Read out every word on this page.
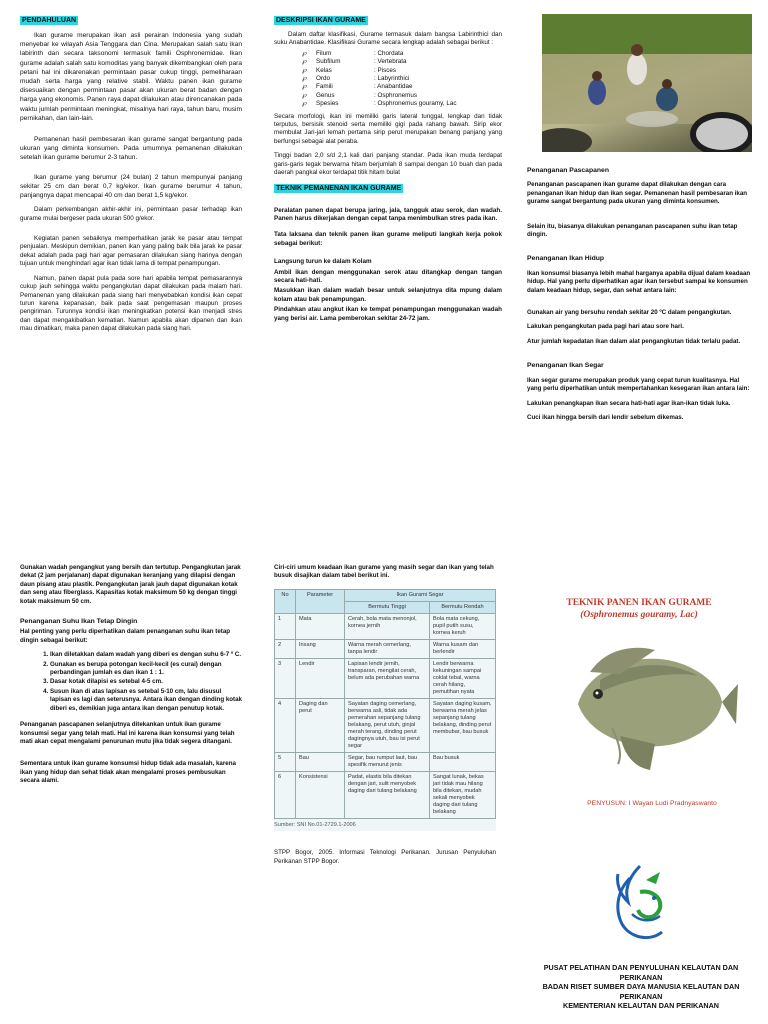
PENDAHULUAN

Ikan gurame merupakan ikan asli perairan Indonesia yang sudah menyebar ke wilayah Asia Tenggara dan Cina. Merupakan salah satu ikan labirinth dan secara taksonomi termasuk famili Osphronemidae. Ikan gurame adalah salah satu komoditas yang banyak dikembangkan oleh para petani hal ini dikarenakan permintaan pasar cukup tinggi, pemeliharaan mudah serta harga yang relative stabil. Waktu panen ikan gurame disesuaikan dengan permintaan pasar akan ukuran berat badan dengan harga yang ekonomis. Panen raya dapat dilakukan atau direncanakan pada waktu jumlah permintaan meningkat, misalnya hari raya, tahun baru, musim pernikahan, dan lain-lain.

Pemanenan hasil pembesaran ikan gurame sangat bergantung pada ukuran yang diminta konsumen. Pada umumnya pemanenan dilakukan setelah ikan gurame berumur 2-3 tahun.

Ikan gurame yang berumur (24 bulan) 2 tahun mempunyai panjang sekitar 25 cm dan berat 0,7 kg/ekor. Ikan gurame berumur 4 tahun, panjangnya dapat mencapai 40 cm dan berat 1,5 kg/ekor.

Dalam perkembangan akhir-akhir ini, permintaan pasar terhadap ikan gurame mulai bergeser pada ukuran 500 g/ekor.

Kegiatan panen sebaiknya memperhatikan jarak ke pasar atau tempat penjualan. Meskipun demikian, panen ikan yang paling baik bila jarak ke pasar dekat adalah pada pagi hari agar pemasaran dilakukan siang harinya dengan tujuan untuk menghindari agar ikan tidak lama di tempat penampungan.

Namun, panen dapat pula pada sore hari apabila tempat pemasarannya cukup jauh sehingga waktu pengangkutan dapat dilakukan pada malam hari. Pemanenan yang dilakukan pada siang hari menyebabkan kondisi ikan cepat turun karena kepanasan, baik pada saat pengemasan maupun proses pengiriman. Turunnya kondisi ikan meningkatkan potensi ikan menjadi stres dan dapat mengakibatkan kematian. Namun apabila akan dipanen dan ikan mau dimatikan, maka panen dapat dilakukan pada siang hari.

DESKRIPSI IKAN GURAME

Dalam daftar klasifikasi, Gurame termasuk dalam bangsa Labirinthici dan suku Anabantidae. Klasifikasi Gurame secara lengkap adalah sebagai berikut :

℘	Filum	: Chordata
℘	Subfilum	: Vertebrata
℘	Kelas	: Pisces
℘	Ordo	: Labyrinthici
℘	Famili	: Anabantidae
℘	Genus	: Osphronemus
℘	Spesies	: Osphronemus gouramy, Lac

Secara morfologi, ikan ini memiliki garis lateral tunggal, lengkap dan tidak terputus, bersisik stenoid serta memiliki gigi pada rahang bawah. Sirip ekor membulat Jari-jari lemah pertama sirip perut merupakan benang panjang yang berfungsi sebagai alat peraba.

Tinggi badan 2,0 s/d 2,1 kali dari panjang standar. Pada ikan muda terdapat garis-garis tegak berwarna hitam berjumlah 8 sampai dengan 10 buah dan pada daerah pangkal ekor terdapat titik hitam bulat

TEKNIK PEMANENAN IKAN GURAME

Peralatan panen dapat berupa jaring, jala, tangguk atau serok, dan wadah. Panen harus dikerjakan dengan cepat tanpa menimbulkan stres pada ikan.

Tata laksana dan teknik panen ikan gurame meliputi langkah kerja pokok sebagai berikut:

Langsung turun ke dalam Kolam

Ambil ikan dengan menggunakan serok atau ditangkap dengan tangan secara hati-hati.

Masukkan ikan dalam wadah besar untuk selanjutnya dita mpung dalam kolam atau bak penampungan.

Pindahkan atau angkut ikan ke tempat penampungan menggunakan wadah yang berisi air. Lama pemberokan sekitar 24-72 jam.

Penanganan Pascapanen

Penanganan pascapanen ikan gurame dapat dilakukan dengan cara penanganan ikan hidup dan ikan segar. Pemanenan hasil pembesaran ikan gurame sangat bergantung pada ukuran yang diminta konsumen.

Selain itu, biasanya dilakukan penanganan pascapanen suhu ikan tetap dingin.

Penanganan Ikan Hidup

Ikan konsumsi biasanya lebih mahal harganya apabila dijual dalam keadaan hidup. Hal yang perlu diperhatikan agar ikan tersebut sampai ke konsumen dalam keadaan hidup, segar, dan sehat antara lain:

Gunakan air yang bersuhu rendah sekitar 20 ºC dalam pengangkutan.

Lakukan pengangkutan pada pagi hari atau sore hari.

Atur jumlah kepadatan ikan dalam alat pengangkutan tidak terlalu padat.

Penanganan Ikan Segar

Ikan segar gurame merupakan produk yang cepat turun kualitasnya. Hal yang perlu diperhatikan untuk mempertahankan kesegaran ikan antara lain:

Lakukan penangkapan ikan secara hati-hati agar ikan-ikan tidak luka.

Cuci ikan hingga bersih dari lendir sebelum dikemas.

Gunakan wadah pengangkut yang bersih dan tertutup. Pengangkutan jarak dekat (2 jam perjalanan) dapat digunakan keranjang yang dilapisi dengan daun pisang atau plastik. Pengangkutan jarak jauh dapat digunakan kotak dan seng atau fiberglass. Kapasitas kotak maksimum 50 kg dengan tinggi kotak maksimum 50 cm.

Penanganan Suhu Ikan Tetap Dingin

Hal penting yang perlu diperhatikan dalam penanganan suhu ikan tetap dingin sebagai berikut:

1. Ikan diletakkan dalam wadah yang diberi es dengan suhu 6-7 º C.
2. Gunakan es berupa potongan kecil-kecil (es curai) dengan perbandingan jumlah es dan ikan 1 : 1.
3. Dasar kotak dilapisi es setebal 4-5 cm.
4. Susun ikan di atas lapisan es setebal 5-10 cm, lalu disusul lapisan es lagi dan seterusnya. Antara ikan dengan dinding kotak diberi es, demikian juga antara ikan dengan penutup kotak.

Penanganan pascapanen selanjutnya ditekankan untuk ikan gurame konsumsi segar yang telah mati. Hal ini karena ikan konsumsi yang telah mati akan cepat mengalami penurunan mutu jika tidak segera ditangani.

Sementara untuk ikan gurame konsumsi hidup tidak ada masalah, karena ikan yang hidup dan sehat tidak akan mengalami proses pembusukan secara alami.

Ciri-ciri umum keadaan ikan gurame yang masih segar dan ikan yang telah busuk disajikan dalam tabel berikut ini.

No	Parameter	Ikan Gurami Segar	
		Bermutu Tinggi	Bermutu Rendah
1	Mata	Cerah, bola mata menonjol, kornea jernih	Bola mata cekung, pupil putih susu, kornea keruh
2	Insang	Warna merah cemerlang, tanpa lendir	Warna kusam dan berlendir
3	Lendir	Lapisan lendir jernih, transparan, mengilat cerah, belum ada perubahan warna	Lendir berwarna kekuningan sampai coklat tebal, warna cerah hilang, pemutihan nyata
4	Daging dan perut	Sayatan daging cemerlang, berwarna asli, tidak ada pemerahan sepanjang tulang belakang, perut utuh, ginjal merah terang, dinding perut dagingnya utuh, bau isi perut segar	Sayatan daging kusam, berwarna merah jelas sepanjang tulang belakang, dinding perut membubar, bau busuk
5	Bau	Segar, bau rumput laut, bau spesifik menurut jenis	Bau busuk
6	Konsistensi	Padat, elastis bila ditekan dengan jari, sulit menyobek daging dari tulang belakang	Sangat lunak, bekas jari tidak mau hilang bila ditekan, mudah sekali menyobek daging dari tulang belakang
Sumber: SNI No.01-2729.1-2006

STPP Bogor, 2005. Informasi Teknologi Perikanan. Jurusan Penyuluhan Perikanan STPP Bogor.

TEKNIK PANEN IKAN GURAME
(Osphronemus gouramy, Lac)
PENYUSUN: I Wayan Ludi Pradnyaswanto
PUSAT PELATIHAN DAN PENYULUHAN KELAUTAN DAN PERIKANAN
BADAN RISET SUMBER DAYA MANUSIA KELAUTAN DAN PERIKANAN
KEMENTERIAN KELAUTAN DAN PERIKANAN
